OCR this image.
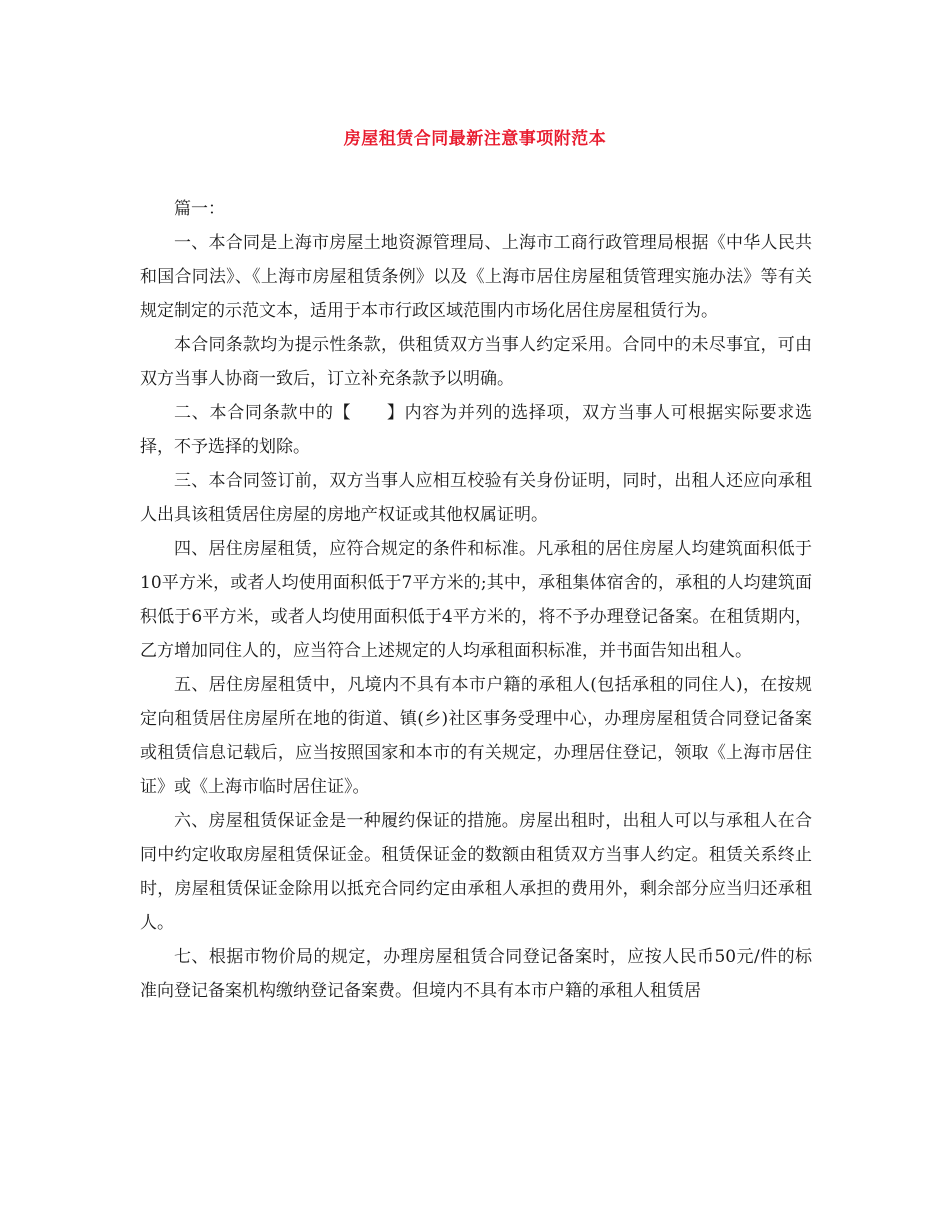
房屋租赁合同最新注意事项附范本

篇一：

一、本合同是上海市房屋土地资源管理局、上海市工商行政管理局根据《中华人民共和国合同法》、《上海市房屋租赁条例》以及《上海市居住房屋租赁管理实施办法》等有关规定制定的示范文本，适用于本市行政区域范围内市场化居住房屋租赁行为。

本合同条款均为提示性条款，供租赁双方当事人约定采用。合同中的未尽事宜，可由双方当事人协商一致后，订立补充条款予以明确。

二、本合同条款中的【　　】内容为并列的选择项，双方当事人可根据实际要求选择，不予选择的划除。

三、本合同签订前，双方当事人应相互校验有关身份证明，同时，出租人还应向承租人出具该租赁居住房屋的房地产权证或其他权属证明。

四、居住房屋租赁，应符合规定的条件和标准。凡承租的居住房屋人均建筑面积低于10平方米，或者人均使用面积低于7平方米的;其中，承租集体宿舍的，承租的人均建筑面积低于6平方米，或者人均使用面积低于4平方米的，将不予办理登记备案。在租赁期内，乙方增加同住人的，应当符合上述规定的人均承租面积标准，并书面告知出租人。

五、居住房屋租赁中，凡境内不具有本市户籍的承租人(包括承租的同住人)，在按规定向租赁居住房屋所在地的街道、镇(乡)社区事务受理中心，办理房屋租赁合同登记备案或租赁信息记载后，应当按照国家和本市的有关规定，办理居住登记，领取《上海市居住证》或《上海市临时居住证》。

六、房屋租赁保证金是一种履约保证的措施。房屋出租时，出租人可以与承租人在合同中约定收取房屋租赁保证金。租赁保证金的数额由租赁双方当事人约定。租赁关系终止时，房屋租赁保证金除用以抵充合同约定由承租人承担的费用外，剩余部分应当归还承租人。

七、根据市物价局的规定，办理房屋租赁合同登记备案时，应按人民币50元/件的标准向登记备案机构缴纳登记备案费。但境内不具有本市户籍的承租人租赁居
